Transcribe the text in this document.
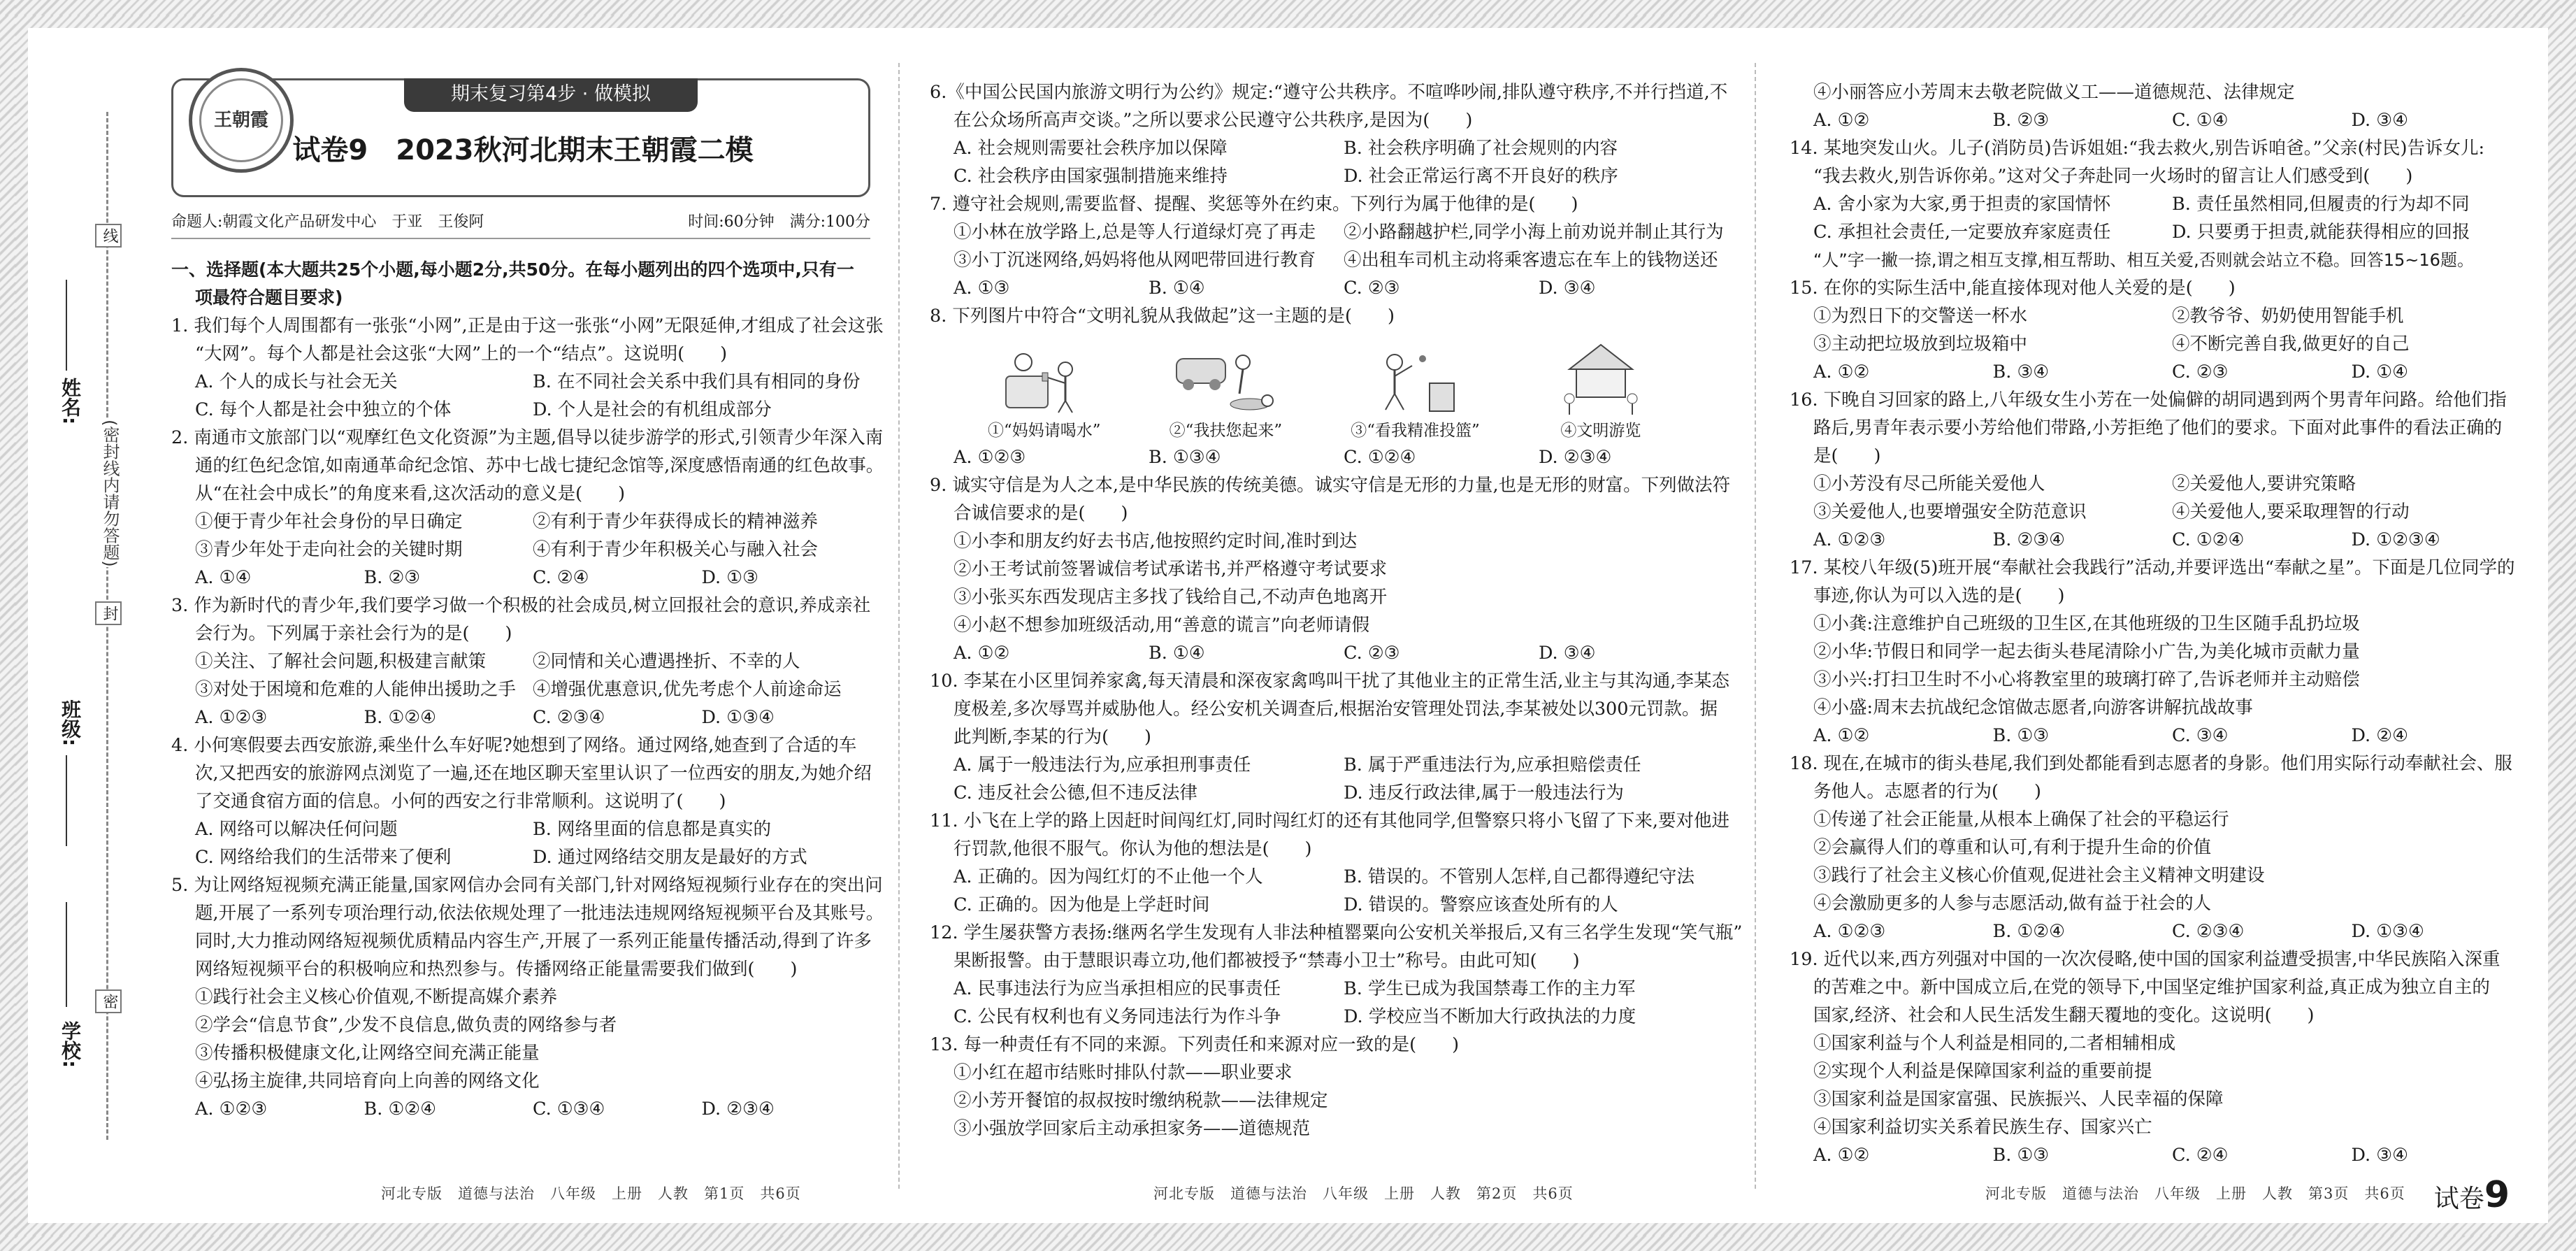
线
封
密
姓名:
(密封线内请勿答题)
班级:
学校:
期末复习第4步 · 做模拟
王朝霞
试卷9　2023秋河北期末王朝霞二模
命题人:朝霞文化产品研发中心　于亚　王俊阿	时间:60分钟　满分:100分

一、选择题(本大题共25个小题,每小题2分,共50分。在每小题列出的四个选项中,只有一项最符合题目要求)

1. 我们每个人周围都有一张张“小网”,正是由于这一张张“小网”无限延伸,才组成了社会这张

“大网”。每个人都是社会这张“大网”上的一个“结点”。这说明(　　)

A. 个人的成长与社会无关	B. 在不同社会关系中我们具有相同的身份

C. 每个人都是社会中独立的个体	D. 个人是社会的有机组成部分

2. 南通市文旅部门以“观摩红色文化资源”为主题,倡导以徒步游学的形式,引领青少年深入南

通的红色纪念馆,如南通革命纪念馆、苏中七战七捷纪念馆等,深度感悟南通的红色故事。

从“在社会中成长”的角度来看,这次活动的意义是(　　)

①便于青少年社会身份的早日确定	②有利于青少年获得成长的精神滋养

③青少年处于走向社会的关键时期	④有利于青少年积极关心与融入社会

A. ①④	B. ②③	C. ②④	D. ①③

3. 作为新时代的青少年,我们要学习做一个积极的社会成员,树立回报社会的意识,养成亲社

会行为。下列属于亲社会行为的是(　　)

①关注、了解社会问题,积极建言献策	②同情和关心遭遇挫折、不幸的人

③对处于困境和危难的人能伸出援助之手 ④增强优惠意识,优先考虑个人前途命运

A. ①②③	B. ①②④	C. ②③④	D. ①③④

4. 小何寒假要去西安旅游,乘坐什么车好呢?她想到了网络。通过网络,她查到了合适的车

次,又把西安的旅游网点浏览了一遍,还在地区聊天室里认识了一位西安的朋友,为她介绍

了交通食宿方面的信息。小何的西安之行非常顺利。这说明了(　　)

A. 网络可以解决任何问题	B. 网络里面的信息都是真实的

C. 网络给我们的生活带来了便利	D. 通过网络结交朋友是最好的方式

5. 为让网络短视频充满正能量,国家网信办会同有关部门,针对网络短视频行业存在的突出问

题,开展了一系列专项治理行动,依法依规处理了一批违法违规网络短视频平台及其账号。

同时,大力推动网络短视频优质精品内容生产,开展了一系列正能量传播活动,得到了许多

网络短视频平台的积极响应和热烈参与。传播网络正能量需要我们做到(　　)

①践行社会主义核心价值观,不断提高媒介素养

②学会“信息节食”,少发不良信息,做负责的网络参与者

③传播积极健康文化,让网络空间充满正能量

④弘扬主旋律,共同培育向上向善的网络文化

A. ①②③	B. ①②④	C. ①③④	D. ②③④

河北专版　道德与法治　八年级　上册　人教　第1页　共6页

6.《中国公民国内旅游文明行为公约》规定:“遵守公共秩序。不喧哗吵闹,排队遵守秩序,不并行挡道,不

在公众场所高声交谈。”之所以要求公民遵守公共秩序,是因为(　　)

A. 社会规则需要社会秩序加以保障	B. 社会秩序明确了社会规则的内容

C. 社会秩序由国家强制措施来维持	D. 社会正常运行离不开良好的秩序

7. 遵守社会规则,需要监督、提醒、奖惩等外在约束。下列行为属于他律的是(　　)

①小林在放学路上,总是等人行道绿灯亮了再走	②小路翻越护栏,同学小海上前劝说并制止其行为

③小丁沉迷网络,妈妈将他从网吧带回进行教育	④出租车司机主动将乘客遗忘在车上的钱物送还

A. ①③	B. ①④	C. ②③	D. ③④

8. 下列图片中符合“文明礼貌从我做起”这一主题的是(　　)

①“妈妈请喝水”	②“我扶您起来”	③“看我精准投篮”	④文明游览

A. ①②③	B. ①③④	C. ①②④	D. ②③④

9. 诚实守信是为人之本,是中华民族的传统美德。诚实守信是无形的力量,也是无形的财富。下列做法符

合诚信要求的是(　　)

①小李和朋友约好去书店,他按照约定时间,准时到达

②小王考试前签署诚信考试承诺书,并严格遵守考试要求

③小张买东西发现店主多找了钱给自己,不动声色地离开

④小赵不想参加班级活动,用“善意的谎言”向老师请假

A. ①②	B. ①④	C. ②③	D. ③④

10. 李某在小区里饲养家禽,每天清晨和深夜家禽鸣叫干扰了其他业主的正常生活,业主与其沟通,李某态

度极差,多次辱骂并威胁他人。经公安机关调查后,根据治安管理处罚法,李某被处以300元罚款。据

此判断,李某的行为(　　)

A. 属于一般违法行为,应承担刑事责任	B. 属于严重违法行为,应承担赔偿责任

C. 违反社会公德,但不违反法律	D. 违反行政法律,属于一般违法行为

11. 小飞在上学的路上因赶时间闯红灯,同时闯红灯的还有其他同学,但警察只将小飞留了下来,要对他进

行罚款,他很不服气。你认为他的想法是(　　)

A. 正确的。因为闯红灯的不止他一个人	B. 错误的。不管别人怎样,自己都得遵纪守法

C. 正确的。因为他是上学赶时间	D. 错误的。警察应该查处所有的人

12. 学生屡获警方表扬:继两名学生发现有人非法种植罂粟向公安机关举报后,又有三名学生发现“笑气瓶”

果断报警。由于慧眼识毒立功,他们都被授予“禁毒小卫士”称号。由此可知(　　)

A. 民事违法行为应当承担相应的民事责任	B. 学生已成为我国禁毒工作的主力军

C. 公民有权利也有义务同违法行为作斗争	D. 学校应当不断加大行政执法的力度

13. 每一种责任有不同的来源。下列责任和来源对应一致的是(　　)

①小红在超市结账时排队付款——职业要求

②小芳开餐馆的叔叔按时缴纳税款——法律规定

③小强放学回家后主动承担家务——道德规范

河北专版　道德与法治　八年级　上册　人教　第2页　共6页

④小丽答应小芳周末去敬老院做义工——道德规范、法律规定

A. ①②	B. ②③	C. ①④	D. ③④

14. 某地突发山火。儿子(消防员)告诉姐姐:“我去救火,别告诉咱爸。”父亲(村民)告诉女儿:

“我去救火,别告诉你弟。”这对父子奔赴同一火场时的留言让人们感受到(　　)

A. 舍小家为大家,勇于担责的家国情怀	B. 责任虽然相同,但履责的行为却不同

C. 承担社会责任,一定要放弃家庭责任	D. 只要勇于担责,就能获得相应的回报

“人”字一撇一捺,谓之相互支撑,相互帮助、相互关爱,否则就会站立不稳。回答15~16题。

15. 在你的实际生活中,能直接体现对他人关爱的是(　　)

①为烈日下的交警送一杯水	②教爷爷、奶奶使用智能手机

③主动把垃圾放到垃圾箱中	④不断完善自我,做更好的自己

A. ①②	B. ③④	C. ②③	D. ①④

16. 下晚自习回家的路上,八年级女生小芳在一处偏僻的胡同遇到两个男青年问路。给他们指

路后,男青年表示要小芳给他们带路,小芳拒绝了他们的要求。下面对此事件的看法正确的

是(　　)

①小芳没有尽己所能关爱他人	②关爱他人,要讲究策略

③关爱他人,也要增强安全防范意识	④关爱他人,要采取理智的行动

A. ①②③	B. ②③④	C. ①②④	D. ①②③④

17. 某校八年级(5)班开展“奉献社会我践行”活动,并要评选出“奉献之星”。下面是几位同学的

事迹,你认为可以入选的是(　　)

①小龚:注意维护自己班级的卫生区,在其他班级的卫生区随手乱扔垃圾

②小华:节假日和同学一起去街头巷尾清除小广告,为美化城市贡献力量

③小兴:打扫卫生时不小心将教室里的玻璃打碎了,告诉老师并主动赔偿

④小盛:周末去抗战纪念馆做志愿者,向游客讲解抗战故事

A. ①②	B. ①③	C. ③④	D. ②④

18. 现在,在城市的街头巷尾,我们到处都能看到志愿者的身影。他们用实际行动奉献社会、服

务他人。志愿者的行为(　　)

①传递了社会正能量,从根本上确保了社会的平稳运行

②会赢得人们的尊重和认可,有利于提升生命的价值

③践行了社会主义核心价值观,促进社会主义精神文明建设

④会激励更多的人参与志愿活动,做有益于社会的人

A. ①②③	B. ①②④	C. ②③④	D. ①③④

19. 近代以来,西方列强对中国的一次次侵略,使中国的国家利益遭受损害,中华民族陷入深重

的苦难之中。新中国成立后,在党的领导下,中国坚定维护国家利益,真正成为独立自主的

国家,经济、社会和人民生活发生翻天覆地的变化。这说明(　　)

①国家利益与个人利益是相同的,二者相辅相成

②实现个人利益是保障国家利益的重要前提

③国家利益是国家富强、民族振兴、人民幸福的保障

④国家利益切实关系着民族生存、国家兴亡

A. ①②	B. ①③	C. ②④	D. ③④

河北专版　道德与法治　八年级　上册　人教　第3页　共6页 试卷9
